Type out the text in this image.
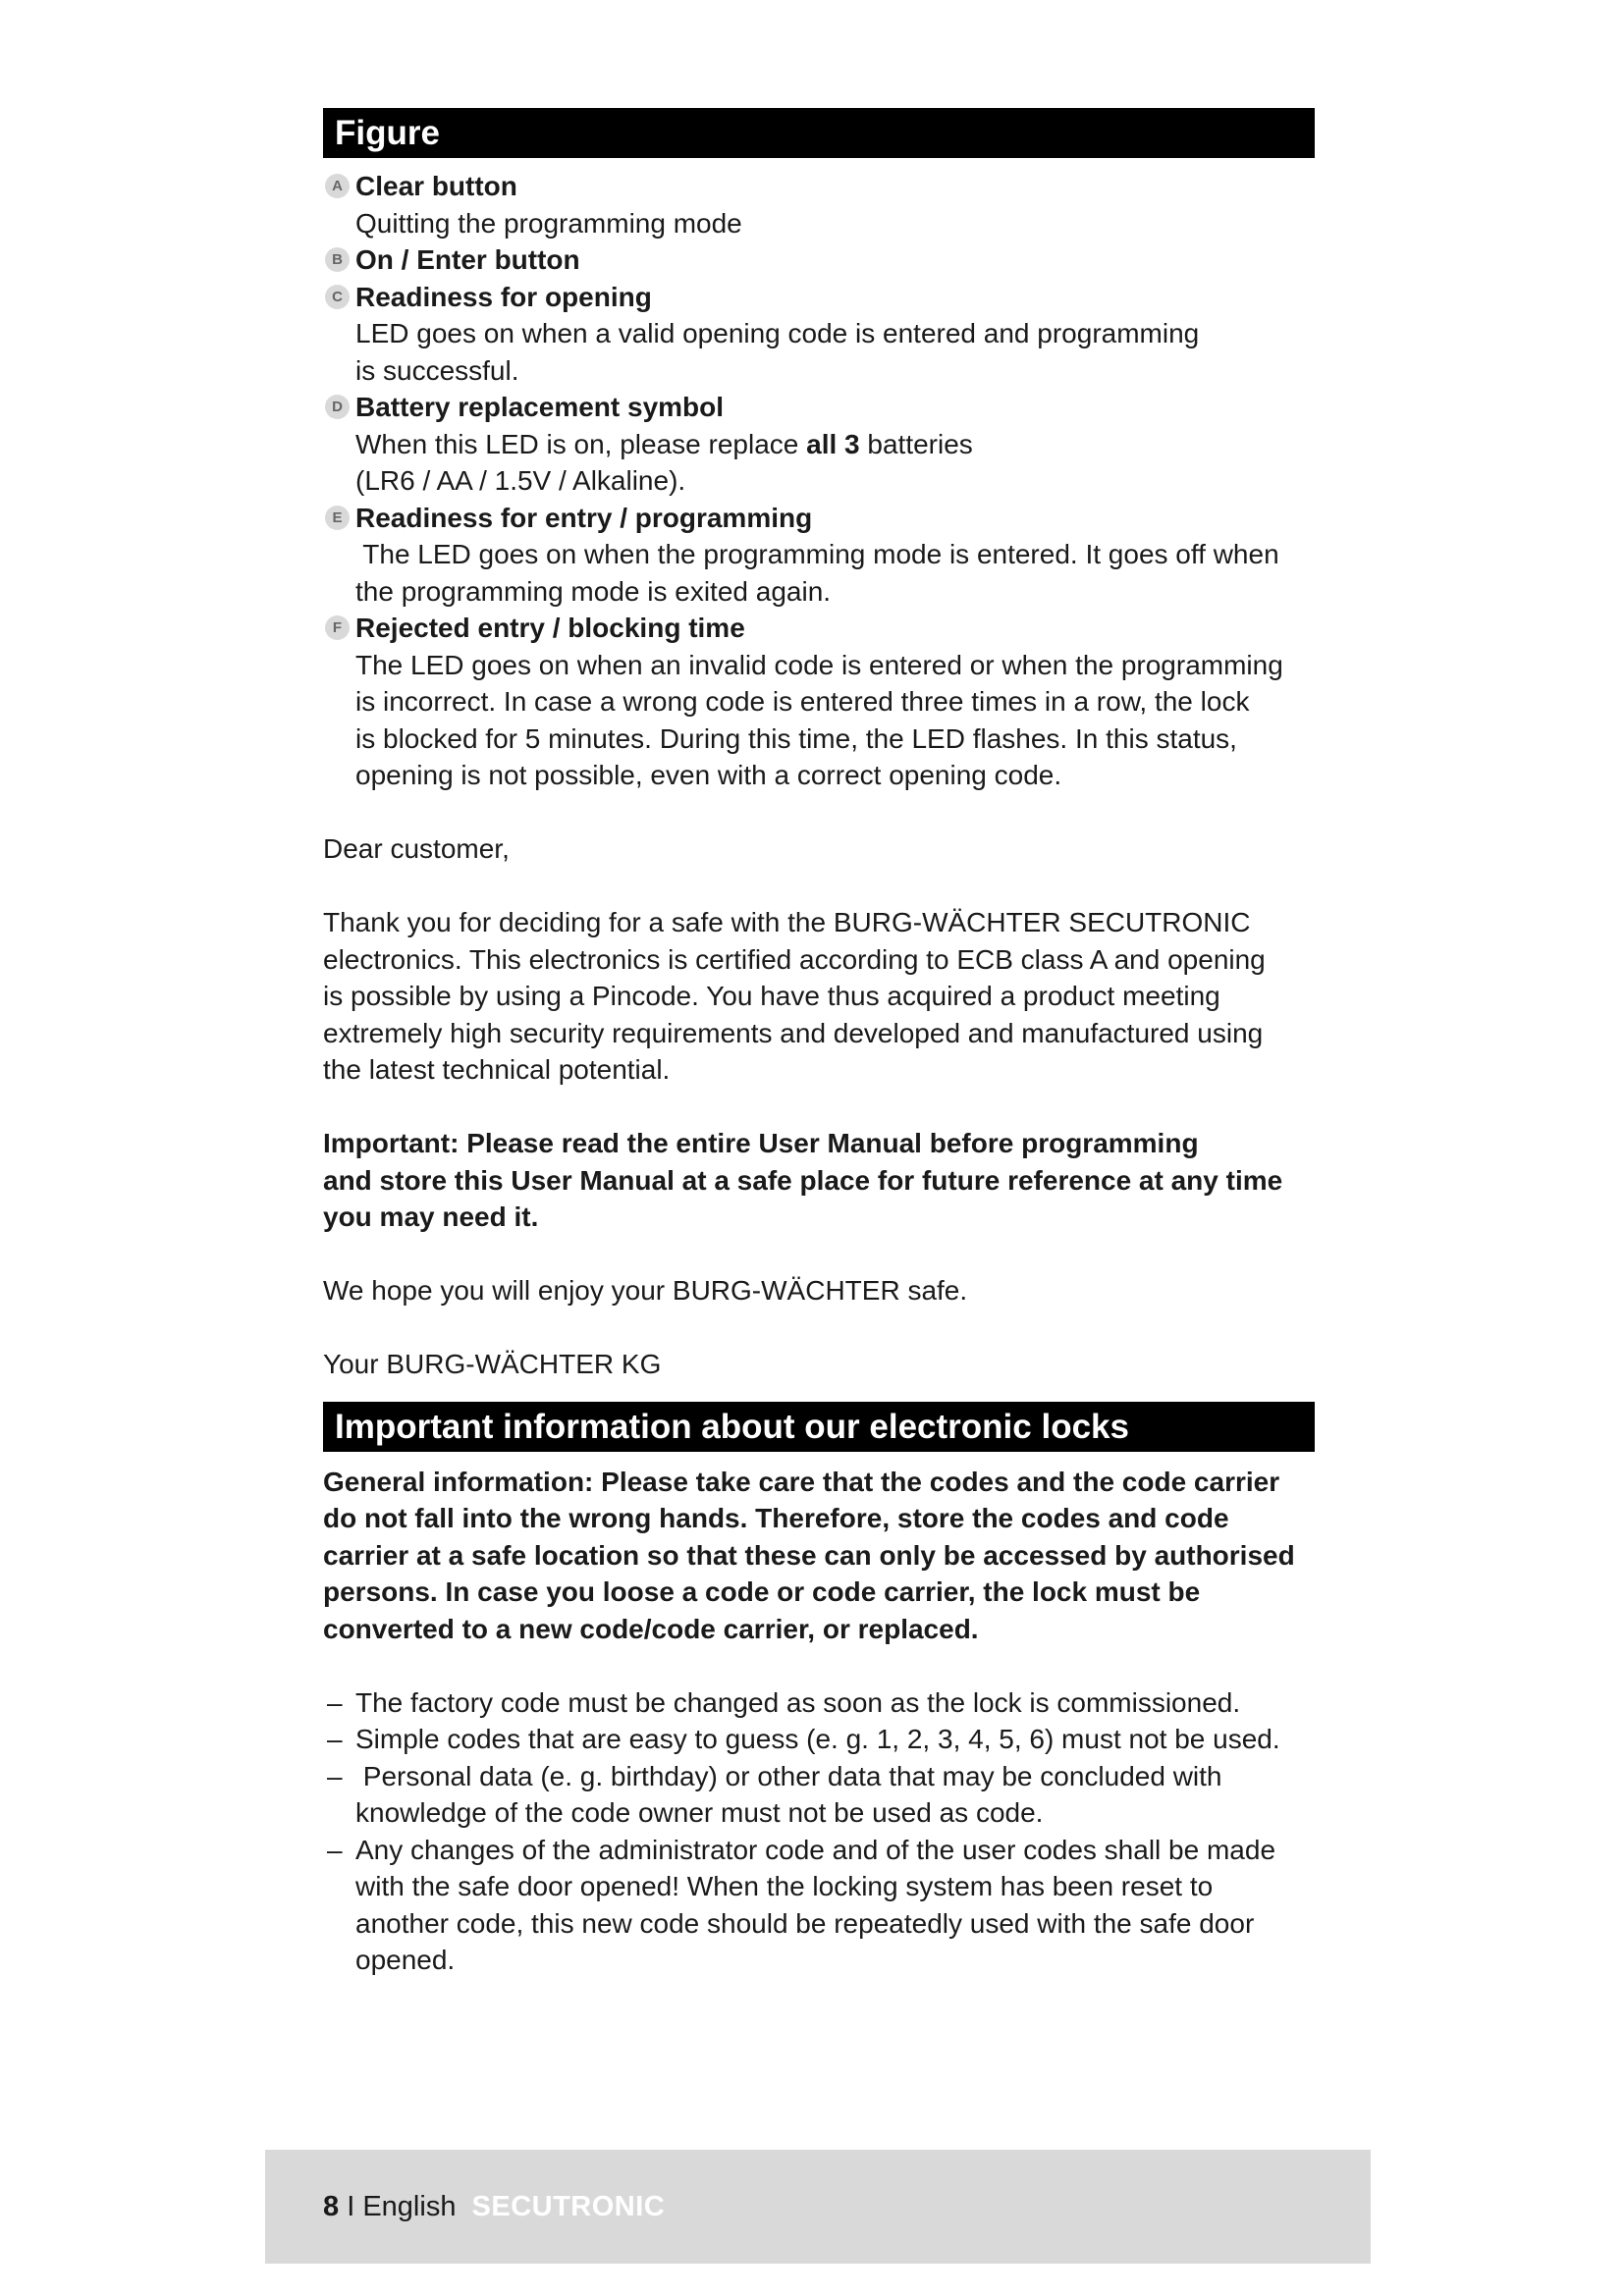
Figure
A Clear button
Quitting the programming mode
B On / Enter button
C Readiness for opening
LED goes on when a valid opening code is entered and programming
is successful.
D Battery replacement symbol
When this LED is on, please replace all 3 batteries
(LR6 / AA / 1.5V / Alkaline).
E Readiness for entry / programming
The LED goes on when the programming mode is entered. It goes off when
the programming mode is exited again.
F Rejected entry / blocking time
The LED goes on when an invalid code is entered or when the programming
is incorrect. In case a wrong code is entered three times in a row, the lock
is blocked for 5 minutes. During this time, the LED flashes. In this status,
opening is not possible, even with a correct opening code.

Dear customer,

Thank you for deciding for a safe with the BURG-WÄCHTER SECUTRONIC

electronics. This electronics is certified according to ECB class A and opening

is possible by using a Pincode. You have thus acquired a product meeting

extremely high security requirements and developed and manufactured using

the latest technical potential.

Important: Please read the entire User Manual before programming

and store this User Manual at a safe place for future reference at any time

you may need it.

We hope you will enjoy your BURG-WÄCHTER safe.

Your BURG-WÄCHTER KG

Important information about our electronic locks

General information: Please take care that the codes and the code carrier

do not fall into the wrong hands. Therefore, store the codes and code

carrier at a safe location so that these can only be accessed by authorised

persons. In case you loose a code or code carrier, the lock must be

converted to a new code/code carrier, or replaced.

– The factory code must be changed as soon as the lock is commissioned.
– Simple codes that are easy to guess (e. g. 1, 2, 3, 4, 5, 6) must not be used.
– Personal data (e. g. birthday) or other data that may be concluded with
knowledge of the code owner must not be used as code.
– Any changes of the administrator code and of the user codes shall be made
with the safe door opened! When the locking system has been reset to
another code, this new code should be repeatedly used with the safe door
opened.
8 I English SECUTRONIC
